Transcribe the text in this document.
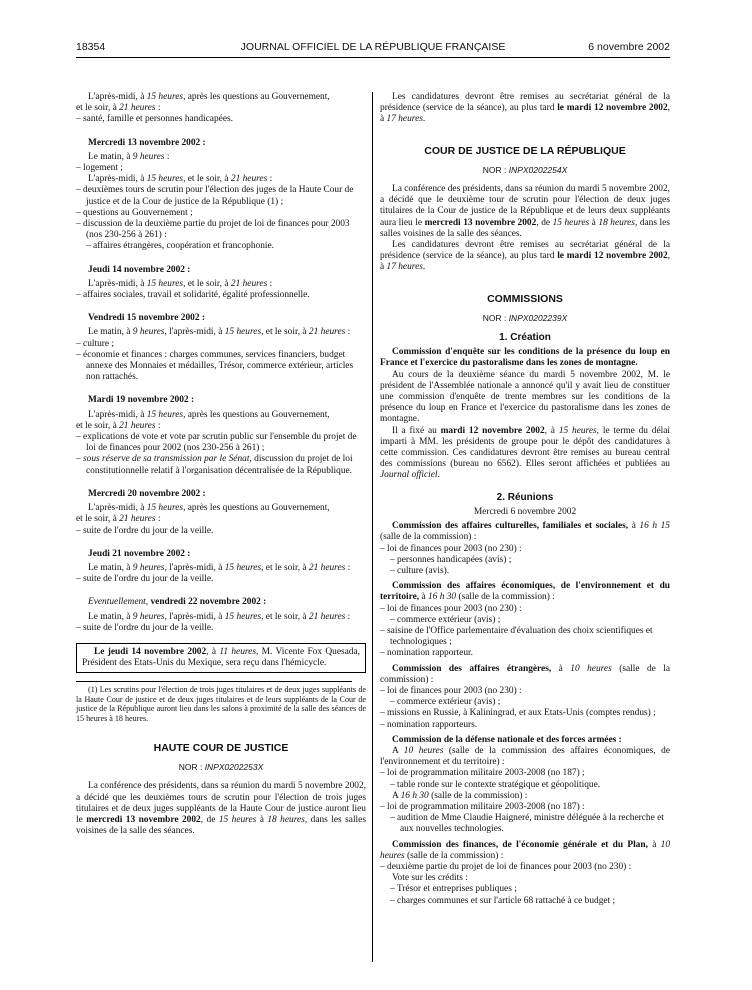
18354	JOURNAL OFFICIEL DE LA RÉPUBLIQUE FRANÇAISE	6 novembre 2002

L'après-midi, à 15 heures, après les questions au Gouvernement,

et le soir, à 21 heures :

– santé, famille et personnes handicapées.

Mercredi 13 novembre 2002 :

Le matin, à 9 heures :

– logement ;

L'après-midi, à 15 heures, et le soir, à 21 heures :

– deuxièmes tours de scrutin pour l'élection des juges de la Haute Cour de justice et de la Cour de justice de la République (1) ;

– questions au Gouvernement ;

– discussion de la deuxième partie du projet de loi de finances pour 2003 (nos 230-256 à 261) :

– affaires étrangères, coopération et francophonie.

Jeudi 14 novembre 2002 :

L'après-midi, à 15 heures, et le soir, à 21 heures :

– affaires sociales, travail et solidarité, égalité professionnelle.

Vendredi 15 novembre 2002 :

Le matin, à 9 heures, l'après-midi, à 15 heures, et le soir, à 21 heures :

– culture ;

– économie et finances : charges communes, services financiers, budget annexe des Monnaies et médailles, Trésor, commerce extérieur, articles non rattachés.

Mardi 19 novembre 2002 :

L'après-midi, à 15 heures, après les questions au Gouvernement,

et le soir, à 21 heures :

– explications de vote et vote par scrutin public sur l'ensemble du projet de loi de finances pour 2002 (nos 230-256 à 261) ;

– sous réserve de sa transmission par le Sénat, discussion du projet de loi constitutionnelle relatif à l'organisation décentralisée de la République.

Mercredi 20 novembre 2002 :

L'après-midi, à 15 heures, après les questions au Gouvernement,

et le soir, à 21 heures :

– suite de l'ordre du jour de la veille.

Jeudi 21 novembre 2002 :

Le matin, à 9 heures, l'après-midi, à 15 heures, et le soir, à 21 heures :

– suite de l'ordre du jour de la veille.

Eventuellement, vendredi 22 novembre 2002 :

Le matin, à 9 heures, l'après-midi, à 15 heures, et le soir, à 21 heures :

– suite de l'ordre du jour de la veille.

Le jeudi 14 novembre 2002, à 11 heures, M. Vicente Fox Quesada, Président des Etats-Unis du Mexique, sera reçu dans l'hémicycle.

(1) Les scrutins pour l'élection de trois juges titulaires et de deux juges suppléants de la Haute Cour de justice et de deux juges titulaires et de leurs suppléants de la Cour de justice de la République auront lieu dans les salons à proximité de la salle des séances de 15 heures à 18 heures.

HAUTE COUR DE JUSTICE

NOR : INPX0202253X

La conférence des présidents, dans sa réunion du mardi 5 novembre 2002, a décidé que les deuxièmes tours de scrutin pour l'élection de trois juges titulaires et de deux juges suppléants de la Haute Cour de justice auront lieu le mercredi 13 novembre 2002, de 15 heures à 18 heures, dans les salles voisines de la salle des séances.

Les candidatures devront être remises au secrétariat général de la présidence (service de la séance), au plus tard le mardi 12 novembre 2002, à 17 heures.

COUR DE JUSTICE DE LA RÉPUBLIQUE

NOR : INPX0202254X

La conférence des présidents, dans sa réunion du mardi 5 novembre 2002, a décidé que le deuxième tour de scrutin pour l'élection de deux juges titulaires de la Cour de justice de la République et de leurs deux suppléants aura lieu le mercredi 13 novembre 2002, de 15 heures à 18 heures, dans les salles voisines de la salle des séances.

Les candidatures devront être remises au secrétariat général de la présidence (service de la séance), au plus tard le mardi 12 novembre 2002, à 17 heures.

COMMISSIONS

NOR : INPX0202239X

1. Création

Commission d'enquête sur les conditions de la présence du loup en France et l'exercice du pastoralisme dans les zones de montagne.

Au cours de la deuxième séance du mardi 5 novembre 2002, M. le président de l'Assemblée nationale a annoncé qu'il y avait lieu de constituer une commission d'enquête de trente membres sur les conditions de la présence du loup en France et l'exercice du pastoralisme dans les zones de montagne.

Il a fixé au mardi 12 novembre 2002, à 15 heures, le terme du délai imparti à MM. les présidents de groupe pour le dépôt des candidatures à cette commission. Ces candidatures devront être remises au bureau central des commissions (bureau no 6562). Elles seront affichées et publiées au Journal officiel.

2. Réunions

Mercredi 6 novembre 2002

Commission des affaires culturelles, familiales et sociales, à 16 h 15 (salle de la commission) :

– loi de finances pour 2003 (no 230) :

– personnes handicapées (avis) ;

– culture (avis).

Commission des affaires économiques, de l'environnement et du territoire, à 16 h 30 (salle de la commission) :

– loi de finances pour 2003 (no 230) :

– commerce extérieur (avis) ;

– saisine de l'Office parlementaire d'évaluation des choix scientifiques et technologiques ;

– nomination rapporteur.

Commission des affaires étrangères, à 10 heures (salle de la commission) :

– loi de finances pour 2003 (no 230) :

– commerce extérieur (avis) ;

– missions en Russie, à Kaliningrad, et aux Etats-Unis (comptes rendus) ;

– nomination rapporteurs.

Commission de la défense nationale et des forces armées :

A 10 heures (salle de la commission des affaires économiques, de l'environnement et du territoire) :

– loi de programmation militaire 2003-2008 (no 187) ;

– table ronde sur le contexte stratégique et géopolitique.

A 16 h 30 (salle de la commission) :

– loi de programmation militaire 2003-2008 (no 187) :

– audition de Mme Claudie Haigneré, ministre déléguée à la recherche et aux nouvelles technologies.

Commission des finances, de l'économie générale et du Plan, à 10 heures (salle de la commission) :

– deuxième partie du projet de loi de finances pour 2003 (no 230) :

Vote sur les crédits :

– Trésor et entreprises publiques ;

– charges communes et sur l'article 68 rattaché à ce budget ;
